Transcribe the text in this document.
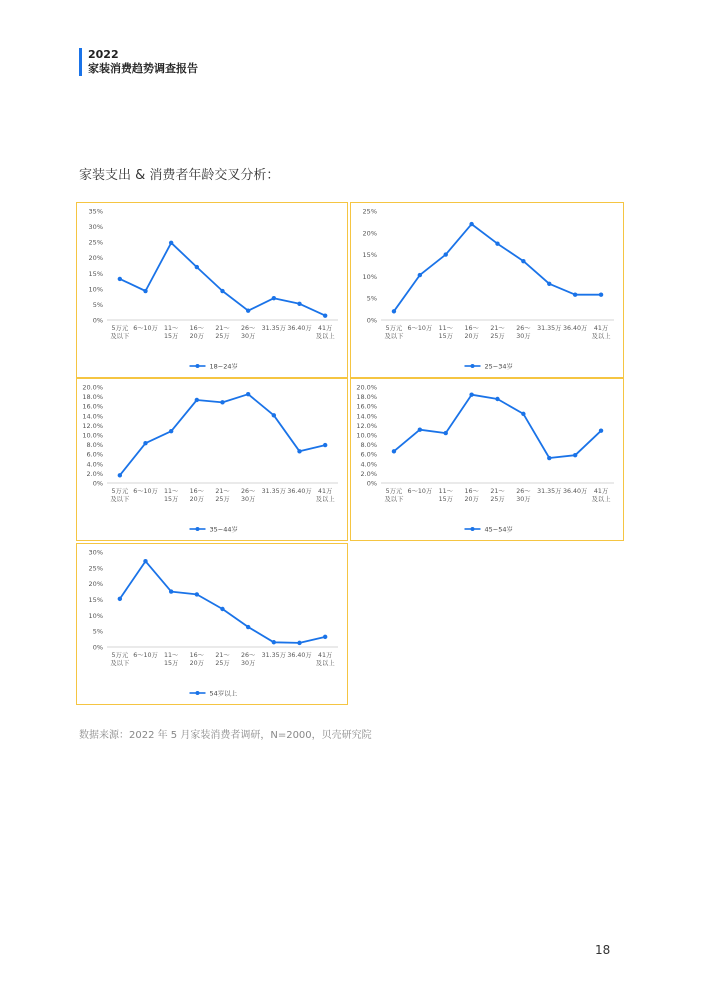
2022
家装消费趋势调查报告
家装支出 & 消费者年龄交叉分析：
0%
5%
10%
15%
20%
25%
30%
35%
5万元
及以下
6～10万 11～
15万
16～
20万
21～
25万
26～
30万
31.35万 36.40万 41万
及以上
18~24岁
0%
5%
10%
15%
20%
25%
5万元
及以下
6～10万 11～
15万
16～
20万
21～
25万
26～
30万
31.35万 36.40万 41万
及以上
25~34岁
0%
2.0%
4.0%
6.0%
8.0%
10.0%
12.0%
14.0%
16.0%
18.0%
20.0%
5万元
及以下
6～10万 11～
15万
16～
20万
21～
25万
26～
30万
31.35万 36.40万 41万
及以上
35~44岁
0%
2.0%
4.0%
6.0%
8.0%
10.0%
12.0%
14.0%
16.0%
18.0%
20.0%
5万元
及以下
6～10万 11～
15万
16～
20万
21～
25万
26～
30万
31.35万 36.40万 41万
及以上
45~54岁
0%
5%
10%
15%
20%
25%
30%
5万元
及以下
6～10万 11～
15万
16～
20万
21～
25万
26～
30万
31.35万 36.40万 41万
及以上
54岁以上
数据来源：2022 年 5 月家装消费者调研，N=2000，贝壳研究院
18
